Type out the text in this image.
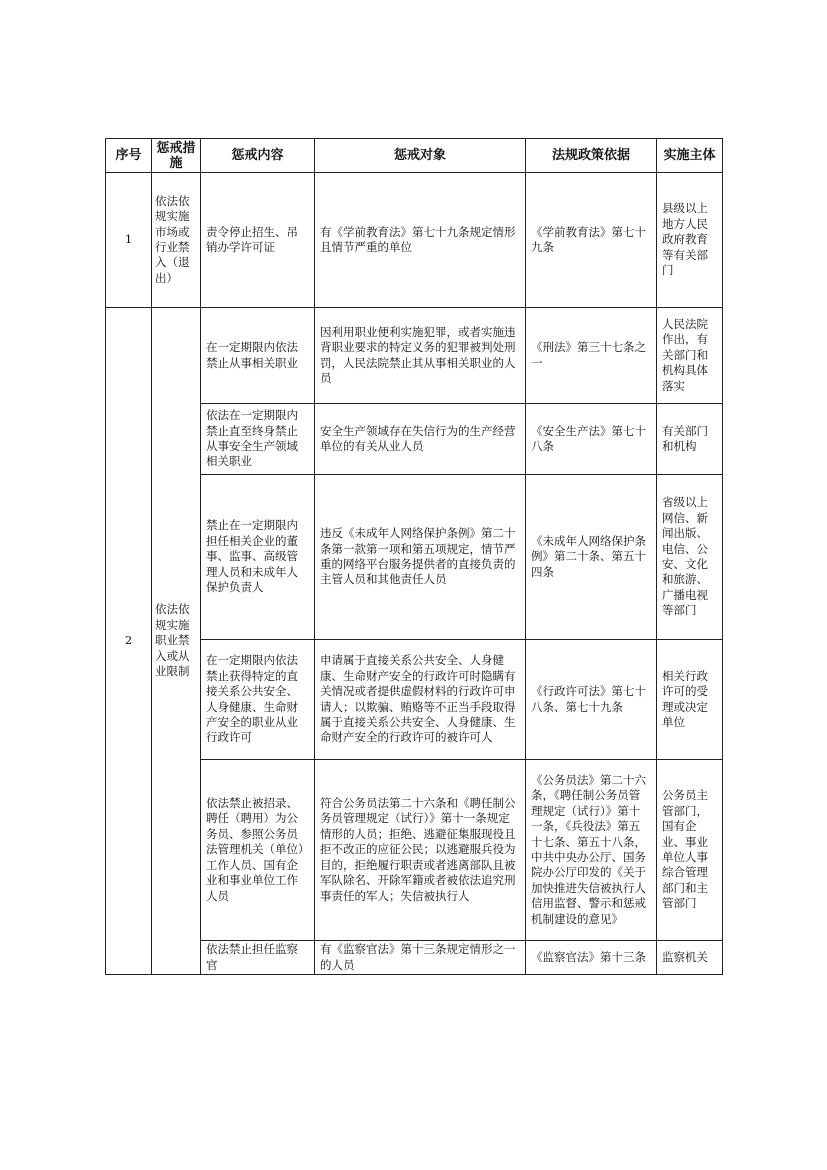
序号	惩戒措施	惩戒内容	惩戒对象	法规政策依据	实施主体
1	依法依规实施市场或行业禁入（退出）	责令停止招生、吊销办学许可证	有《学前教育法》第七十九条规定情形且情节严重的单位	《学前教育法》第七十九条	县级以上地方人民政府教育等有关部门
2	依法依规实施职业禁入或从业限制	在一定期限内依法禁止从事相关职业	因利用职业便利实施犯罪，或者实施违背职业要求的特定义务的犯罪被判处刑罚，人民法院禁止其从事相关职业的人员	《刑法》第三十七条之一	人民法院作出，有关部门和机构具体落实
		依法在一定期限内禁止直至终身禁止从事安全生产领域相关职业	安全生产领域存在失信行为的生产经营单位的有关从业人员	《安全生产法》第七十八条	有关部门和机构
		禁止在一定期限内担任相关企业的董事、监事、高级管理人员和未成年人保护负责人	违反《未成年人网络保护条例》第二十条第一款第一项和第五项规定，情节严重的网络平台服务提供者的直接负责的主管人员和其他责任人员	《未成年人网络保护条例》第二十条、第五十四条	省级以上网信、新闻出版、电信、公安、文化和旅游、广播电视等部门
		在一定期限内依法禁止获得特定的直接关系公共安全、人身健康、生命财产安全的职业从业行政许可	申请属于直接关系公共安全、人身健康、生命财产安全的行政许可时隐瞒有关情况或者提供虚假材料的行政许可申请人；以欺骗、贿赂等不正当手段取得属于直接关系公共安全、人身健康、生命财产安全的行政许可的被许可人	《行政许可法》第七十八条、第七十九条	相关行政许可的受理或决定单位
		依法禁止被招录、聘任（聘用）为公务员、参照公务员法管理机关（单位）工作人员、国有企业和事业单位工作人员	符合公务员法第二十六条和《聘任制公务员管理规定（试行）》第十一条规定情形的人员；拒绝、逃避征集服现役且拒不改正的应征公民；以逃避服兵役为目的，拒绝履行职责或者逃离部队且被军队除名、开除军籍或者被依法追究刑事责任的军人；失信被执行人	《公务员法》第二十六条，《聘任制公务员管理规定（试行）》第十一条，《兵役法》第五十七条、第五十八条，中共中央办公厅、国务院办公厅印发的《关于加快推进失信被执行人信用监督、警示和惩戒机制建设的意见》	公务员主管部门，国有企业、事业单位人事综合管理部门和主管部门
		依法禁止担任监察官	有《监察官法》第十三条规定情形之一的人员	《监察官法》第十三条	监察机关
